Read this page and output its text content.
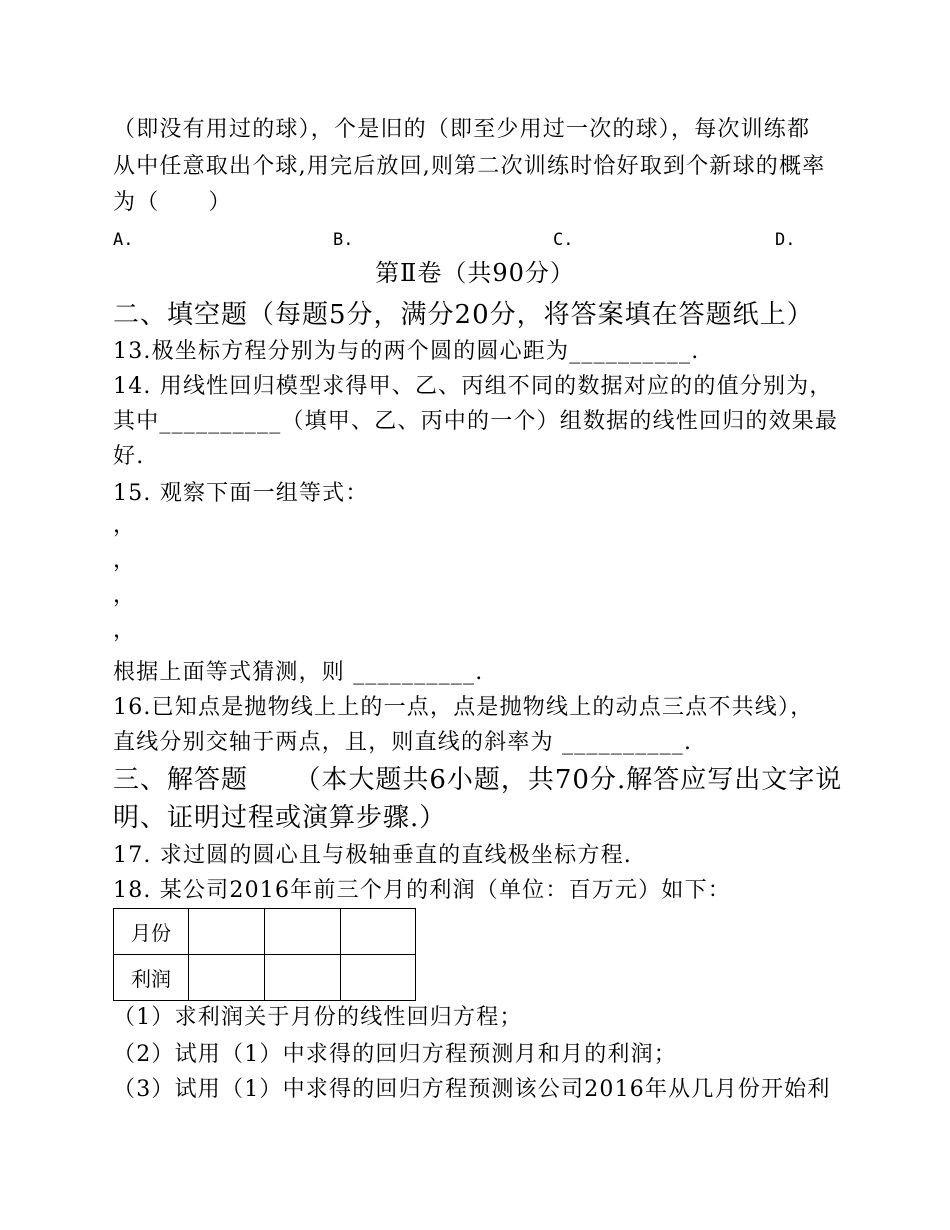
（即没有用过的球），个是旧的（即至少用过一次的球），每次训练都
从中任意取出个球,用完后放回,则第二次训练时恰好取到个新球的概率
为（      ）
A.	B.	C.	D.
第Ⅱ卷（共90分）
二、填空题（每题5分，满分20分，将答案填在答题纸上）
13.极坐标方程分别为与的两个圆的圆心距为__________.
14. 用线性回归模型求得甲、乙、丙组不同的数据对应的的值分别为，
其中__________（填甲、乙、丙中的一个）组数据的线性回归的效果最
好.
15. 观察下面一组等式：
，
，
，
，
根据上面等式猜测，则 __________.
16.已知点是抛物线上上的一点，点是抛物线上的动点三点不共线），
直线分别交轴于两点，且，则直线的斜率为 __________.
三、解答题     （本大题共6小题，共70分.解答应写出文字说
明、证明过程或演算步骤.）
17. 求过圆的圆心且与极轴垂直的直线极坐标方程.
18. 某公司2016年前三个月的利润（单位：百万元）如下：
月份			
利润			
（1）求利润关于月份的线性回归方程；
（2）试用（1）中求得的回归方程预测月和月的利润；
（3）试用（1）中求得的回归方程预测该公司2016年从几月份开始利
